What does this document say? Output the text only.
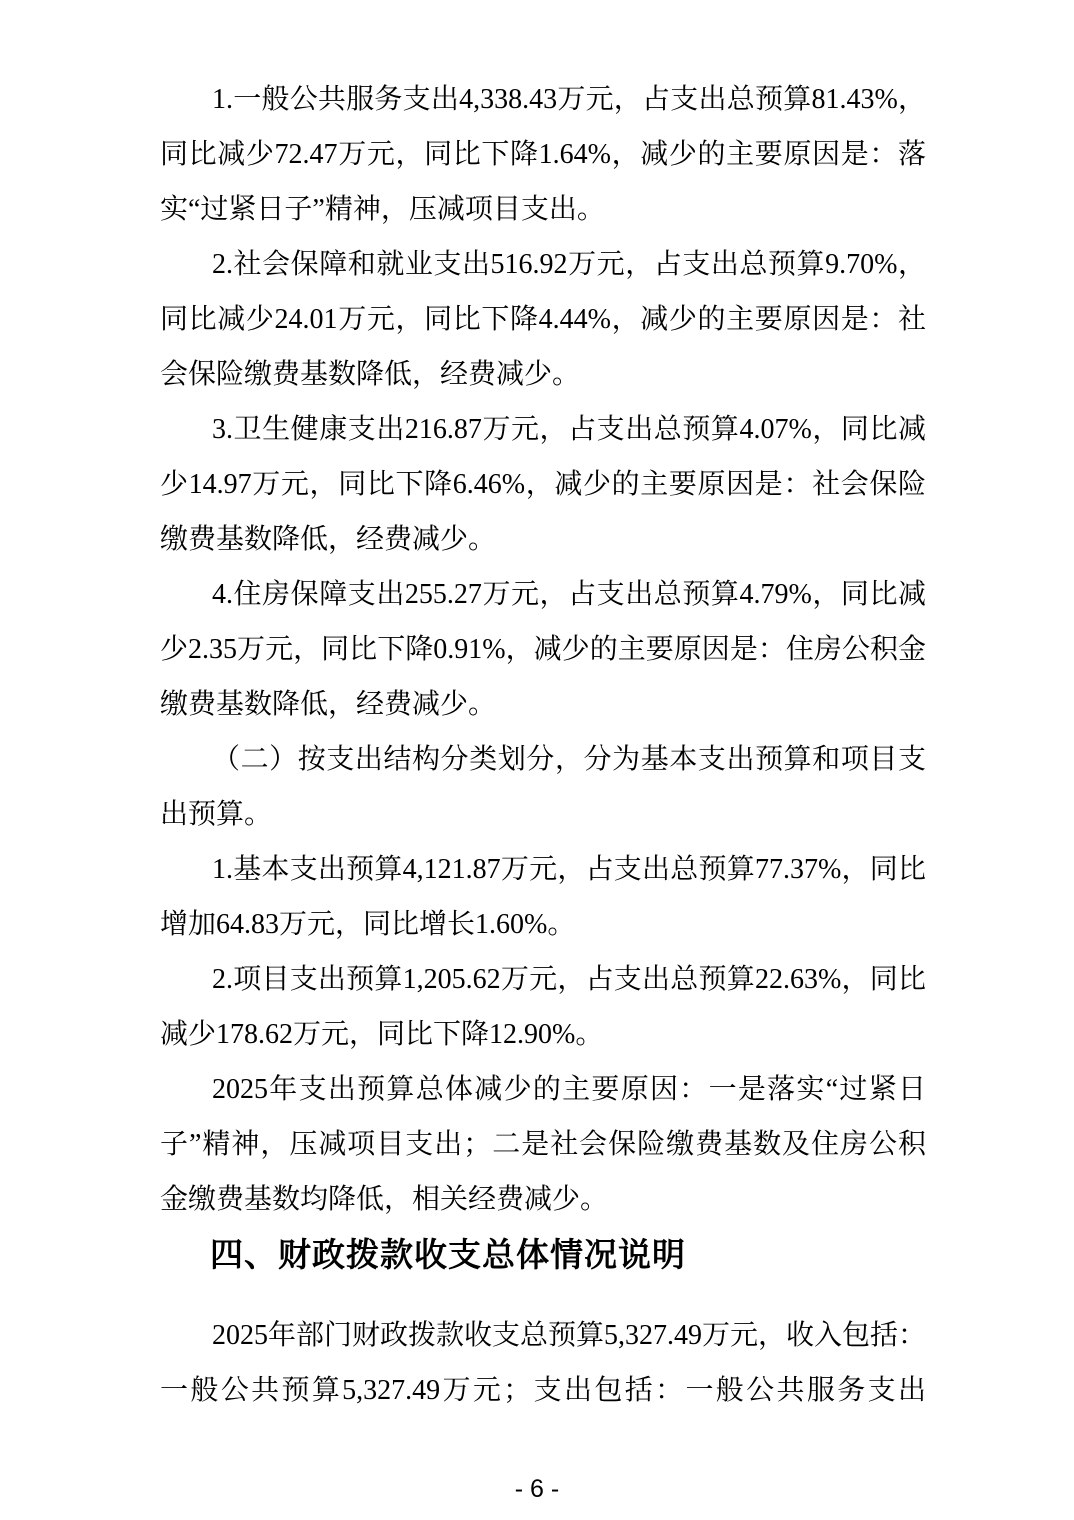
1.一般公共服务支出4,338.43万元，占支出总预算81.43%，同比减少72.47万元，同比下降1.64%，减少的主要原因是：落实“过紧日子”精神，压减项目支出。

2.社会保障和就业支出516.92万元，占支出总预算9.70%，同比减少24.01万元，同比下降4.44%，减少的主要原因是：社会保险缴费基数降低，经费减少。

3.卫生健康支出216.87万元，占支出总预算4.07%，同比减少14.97万元，同比下降6.46%，减少的主要原因是：社会保险缴费基数降低，经费减少。

4.住房保障支出255.27万元，占支出总预算4.79%，同比减少2.35万元，同比下降0.91%，减少的主要原因是：住房公积金缴费基数降低，经费减少。

（二）按支出结构分类划分，分为基本支出预算和项目支出预算。

1.基本支出预算4,121.87万元，占支出总预算77.37%，同比增加64.83万元，同比增长1.60%。

2.项目支出预算1,205.62万元，占支出总预算22.63%，同比减少178.62万元，同比下降12.90%。

2025年支出预算总体减少的主要原因：一是落实“过紧日子”精神，压减项目支出；二是社会保险缴费基数及住房公积金缴费基数均降低，相关经费减少。

四、财政拨款收支总体情况说明

2025年部门财政拨款收支总预算5,327.49万元，收入包括：一般公共预算5,327.49万元；支出包括：一般公共服务支出

- 6 -
